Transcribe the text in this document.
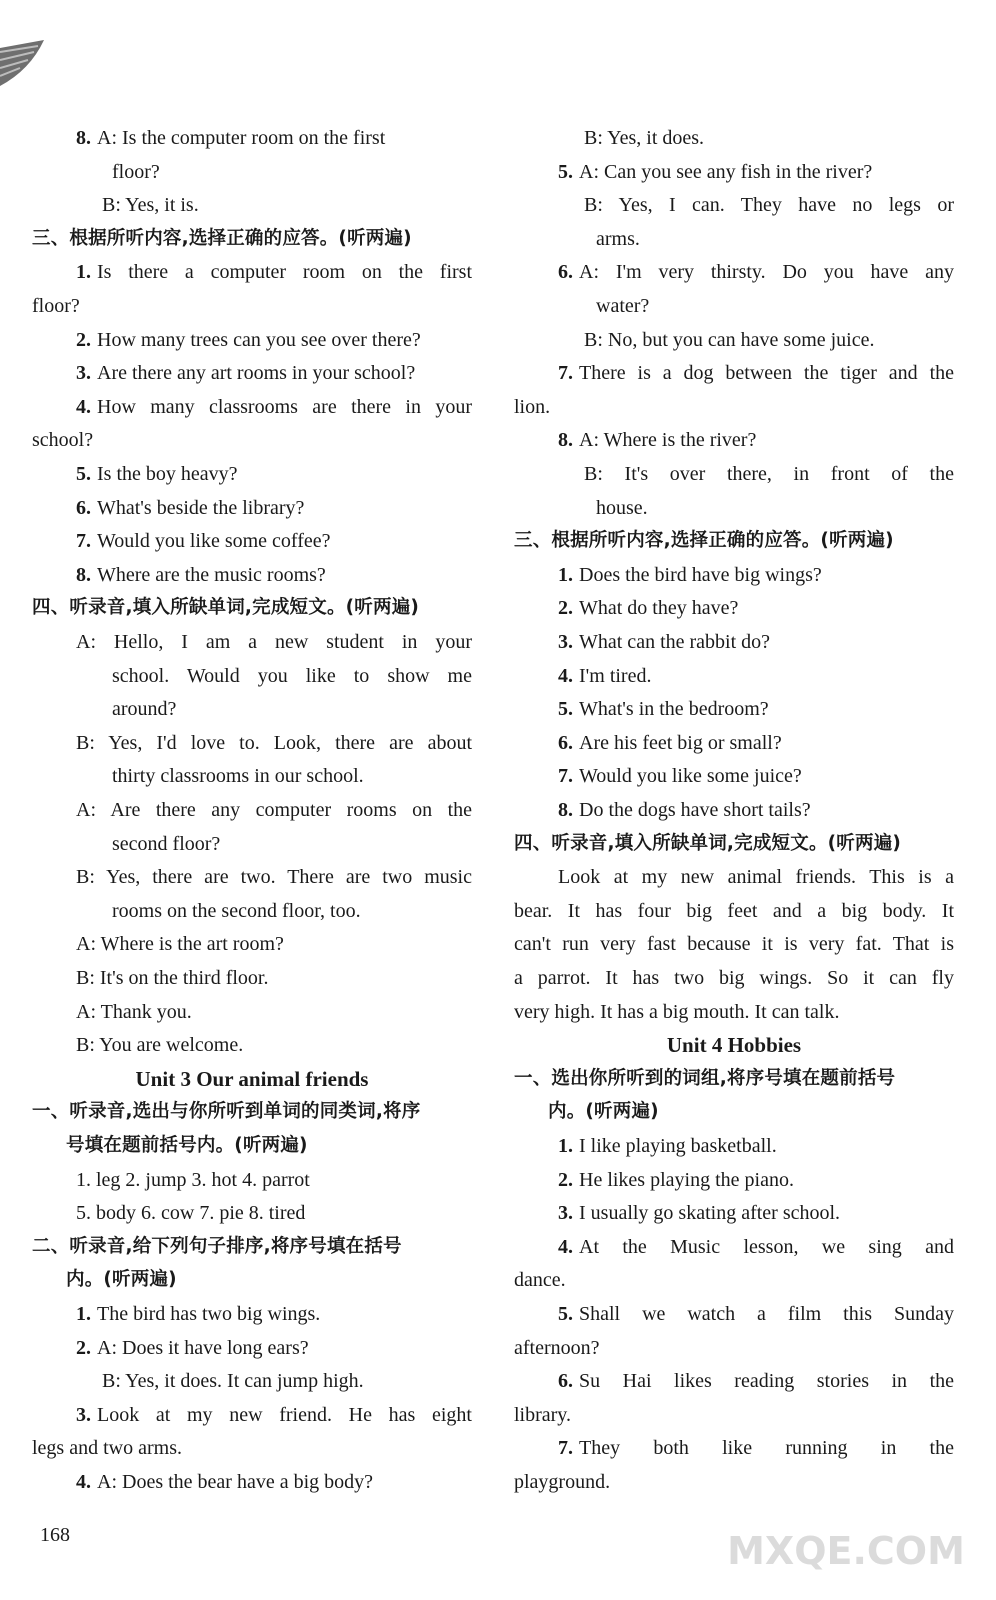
8. A: Is the computer room on the first
floor?
B: Yes, it is.
三、根据所听内容,选择正确的应答。(听两遍)
1. Is there a computer room on the first
floor?
2. How many trees can you see over there?
3. Are there any art rooms in your school?
4. How many classrooms are there in your
school?
5. Is the boy heavy?
6. What's beside the library?
7. Would you like some coffee?
8. Where are the music rooms?
四、听录音,填入所缺单词,完成短文。(听两遍)
A: Hello, I am a new student in your
school. Would you like to show me
around?
B: Yes, I'd love to. Look, there are about
thirty classrooms in our school.
A: Are there any computer rooms on the
second floor?
B: Yes, there are two. There are two music
rooms on the second floor, too.
A: Where is the art room?
B: It's on the third floor.
A: Thank you.
B: You are welcome.
Unit 3 Our animal friends
一、听录音,选出与你所听到单词的同类词,将序
号填在题前括号内。(听两遍)
1. leg 2. jump 3. hot 4. parrot
5. body 6. cow 7. pie 8. tired
二、听录音,给下列句子排序,将序号填在括号
内。(听两遍)
1. The bird has two big wings.
2. A: Does it have long ears?
B: Yes, it does. It can jump high.
3. Look at my new friend. He has eight
legs and two arms.
4. A: Does the bear have a big body?
B: Yes, it does.
5. A: Can you see any fish in the river?
B: Yes, I can. They have no legs or
arms.
6. A: I'm very thirsty. Do you have any
water?
B: No, but you can have some juice.
7. There is a dog between the tiger and the
lion.
8. A: Where is the river?
B: It's over there, in front of the
house.
三、根据所听内容,选择正确的应答。(听两遍)
1. Does the bird have big wings?
2. What do they have?
3. What can the rabbit do?
4. I'm tired.
5. What's in the bedroom?
6. Are his feet big or small?
7. Would you like some juice?
8. Do the dogs have short tails?
四、听录音,填入所缺单词,完成短文。(听两遍)
Look at my new animal friends. This is a
bear. It has four big feet and a big body. It
can't run very fast because it is very fat. That is
a parrot. It has two big wings. So it can fly
very high. It has a big mouth. It can talk.
Unit 4 Hobbies
一、选出你所听到的词组,将序号填在题前括号
内。(听两遍)
1. I like playing basketball.
2. He likes playing the piano.
3. I usually go skating after school.
4. At the Music lesson, we sing and
dance.
5. Shall we watch a film this Sunday
afternoon?
6. Su Hai likes reading stories in the
library.
7. They both like running in the
playground.
168	MXQE.COM
